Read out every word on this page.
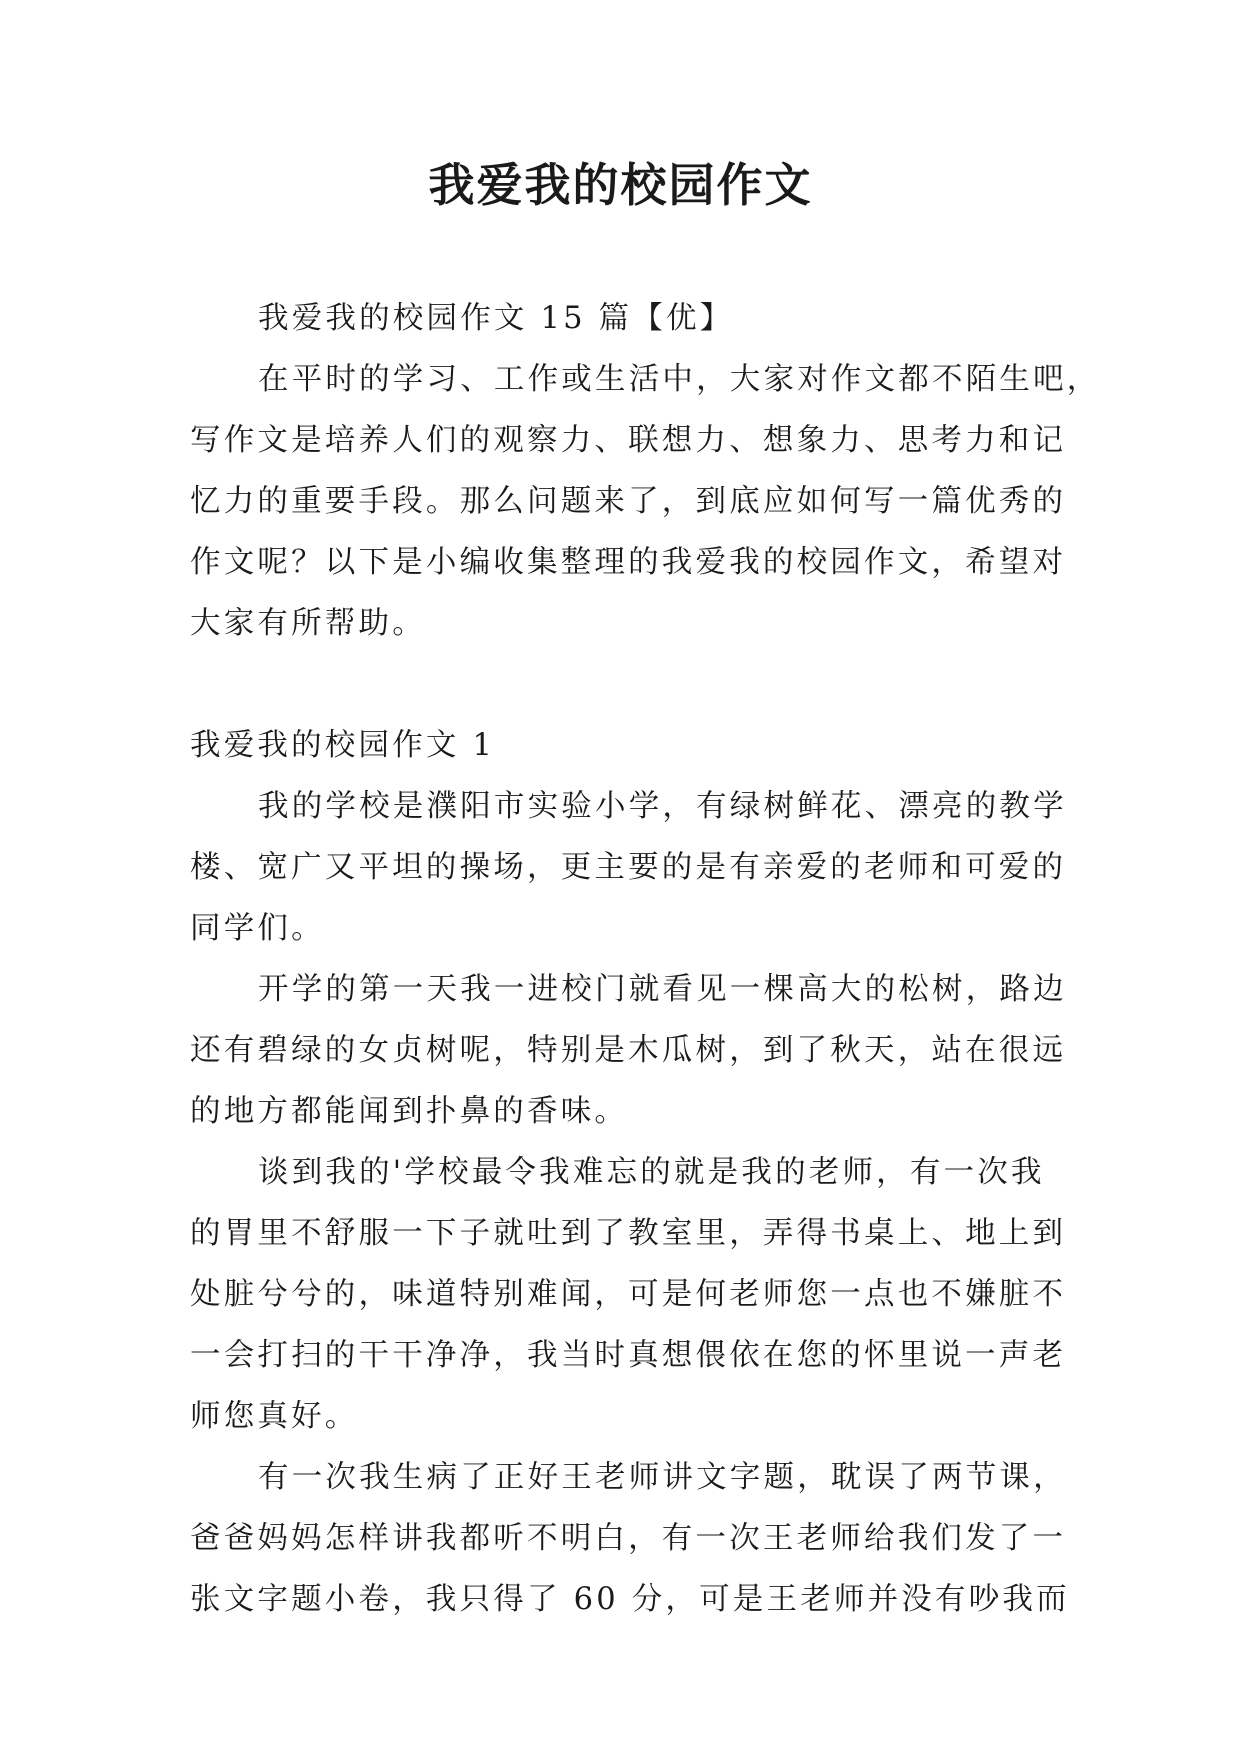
我爱我的校园作文
我爱我的校园作文 15 篇【优】
在平时的学习、工作或生活中，大家对作文都不陌生吧，
写作文是培养人们的观察力、联想力、想象力、思考力和记
忆力的重要手段。那么问题来了，到底应如何写一篇优秀的
作文呢？以下是小编收集整理的我爱我的校园作文，希望对
大家有所帮助。
我爱我的校园作文 1
我的学校是濮阳市实验小学，有绿树鲜花、漂亮的教学
楼、宽广又平坦的操场，更主要的是有亲爱的老师和可爱的
同学们。
开学的第一天我一进校门就看见一棵高大的松树，路边
还有碧绿的女贞树呢，特别是木瓜树，到了秋天，站在很远
的地方都能闻到扑鼻的香味。
谈到我的'学校最令我难忘的就是我的老师，有一次我
的胃里不舒服一下子就吐到了教室里，弄得书桌上、地上到
处脏兮兮的，味道特别难闻，可是何老师您一点也不嫌脏不
一会打扫的干干净净，我当时真想偎依在您的怀里说一声老
师您真好。
有一次我生病了正好王老师讲文字题，耽误了两节课，
爸爸妈妈怎样讲我都听不明白，有一次王老师给我们发了一
张文字题小卷，我只得了 60 分，可是王老师并没有吵我而
